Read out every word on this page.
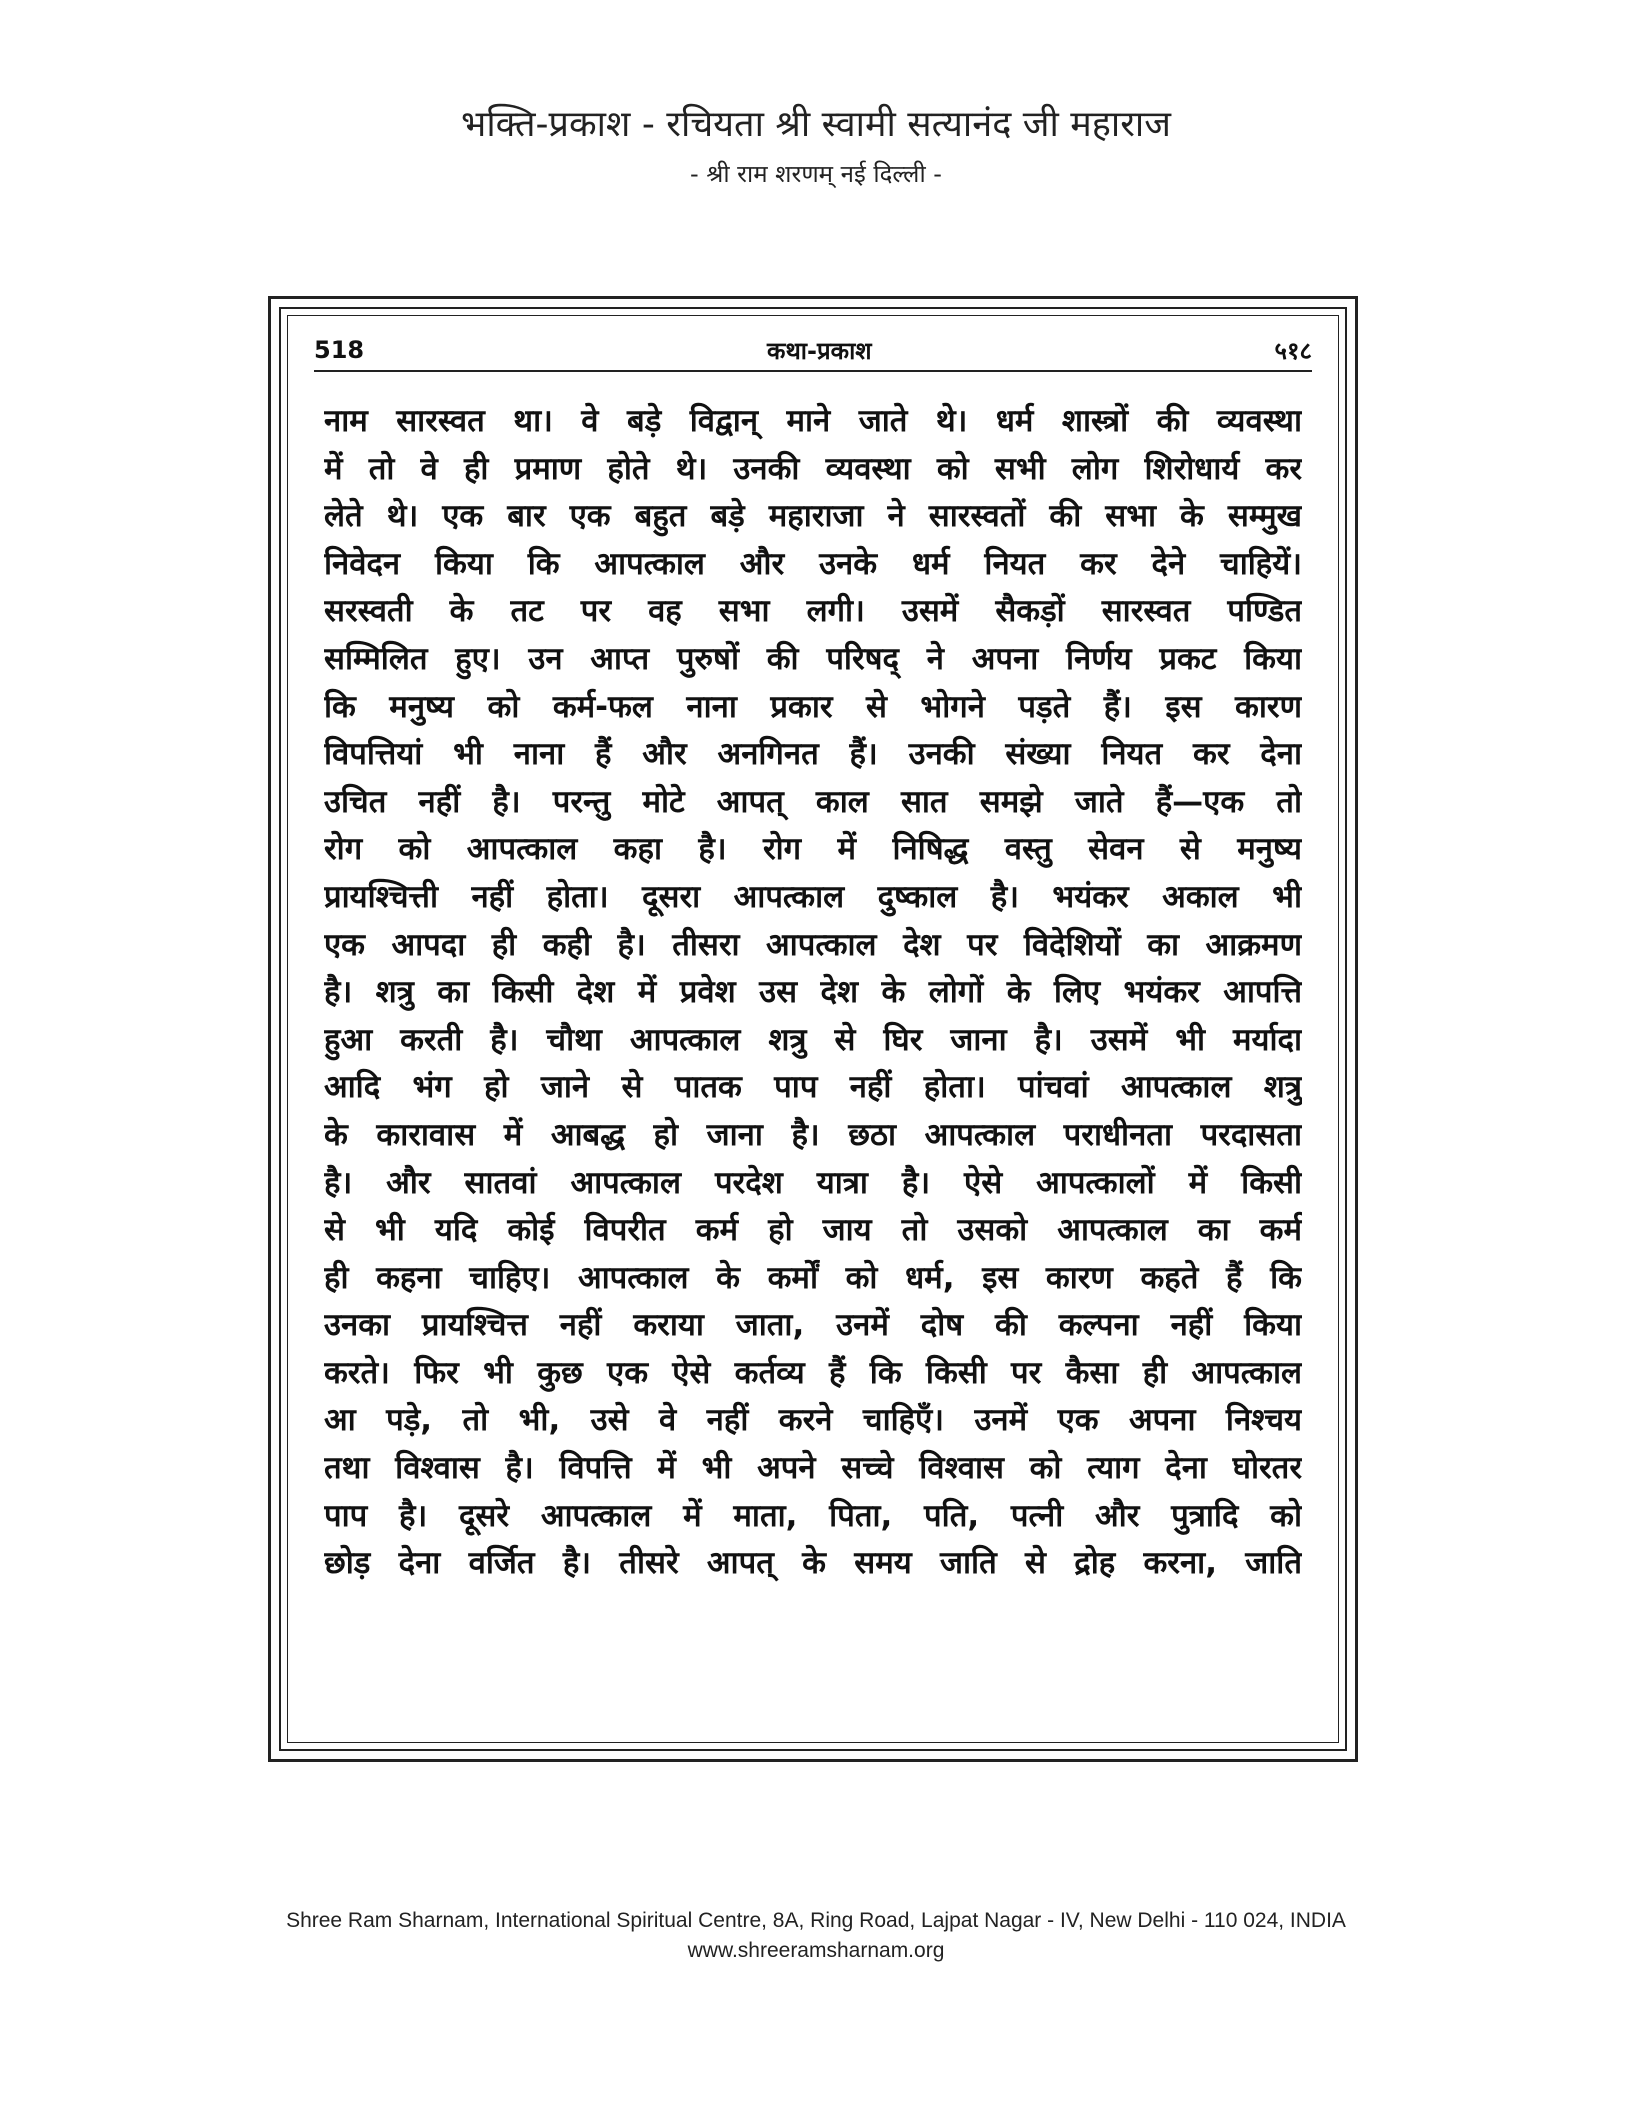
भक्ति-प्रकाश - रचियता श्री स्वामी सत्यानंद जी महाराज
- श्री राम शरणम् नई दिल्ली -
518	कथा-प्रकाश	५१८
नाम सारस्वत था। वे बड़े विद्वान् माने जाते थे। धर्म शास्त्रों की व्यवस्था
में तो वे ही प्रमाण होते थे। उनकी व्यवस्था को सभी लोग शिरोधार्य कर
लेते थे। एक बार एक बहुत बड़े महाराजा ने सारस्वतों की सभा के सम्मुख
निवेदन किया कि आपत्काल और उनके धर्म नियत कर देने चाहियें।
सरस्वती के तट पर वह सभा लगी। उसमें सैकड़ों सारस्वत पण्डित
सम्मिलित हुए। उन आप्त पुरुषों की परिषद् ने अपना निर्णय प्रकट किया
कि मनुष्य को कर्म-फल नाना प्रकार से भोगने पड़ते हैं। इस कारण
विपत्तियां भी नाना हैं और अनगिनत हैं। उनकी संख्या नियत कर देना
उचित नहीं है। परन्तु मोटे आपत् काल सात समझे जाते हैं—एक तो
रोग को आपत्काल कहा है। रोग में निषिद्ध वस्तु सेवन से मनुष्य
प्रायश्चित्ती नहीं होता। दूसरा आपत्काल दुष्काल है। भयंकर अकाल भी
एक आपदा ही कही है। तीसरा आपत्काल देश पर विदेशियों का आक्रमण
है। शत्रु का किसी देश में प्रवेश उस देश के लोगों के लिए भयंकर आपत्ति
हुआ करती है। चौथा आपत्काल शत्रु से घिर जाना है। उसमें भी मर्यादा
आदि भंग हो जाने से पातक पाप नहीं होता। पांचवां आपत्काल शत्रु
के कारावास में आबद्ध हो जाना है। छठा आपत्काल पराधीनता परदासता
है। और सातवां आपत्काल परदेश यात्रा है। ऐसे आपत्कालों में किसी
से भी यदि कोई विपरीत कर्म हो जाय तो उसको आपत्काल का कर्म
ही कहना चाहिए। आपत्काल के कर्मों को धर्म, इस कारण कहते हैं कि
उनका प्रायश्चित्त नहीं कराया जाता, उनमें दोष की कल्पना नहीं किया
करते। फिर भी कुछ एक ऐसे कर्तव्य हैं कि किसी पर कैसा ही आपत्काल
आ पड़े, तो भी, उसे वे नहीं करने चाहिएँ। उनमें एक अपना निश्चय
तथा विश्वास है। विपत्ति में भी अपने सच्चे विश्वास को त्याग देना घोरतर
पाप है। दूसरे आपत्काल में माता, पिता, पति, पत्नी और पुत्रादि को
छोड़ देना वर्जित है। तीसरे आपत् के समय जाति से द्रोह करना, जाति
Shree Ram Sharnam, International Spiritual Centre, 8A, Ring Road, Lajpat Nagar - IV, New Delhi - 110 024, INDIA
www.shreeramsharnam.org
